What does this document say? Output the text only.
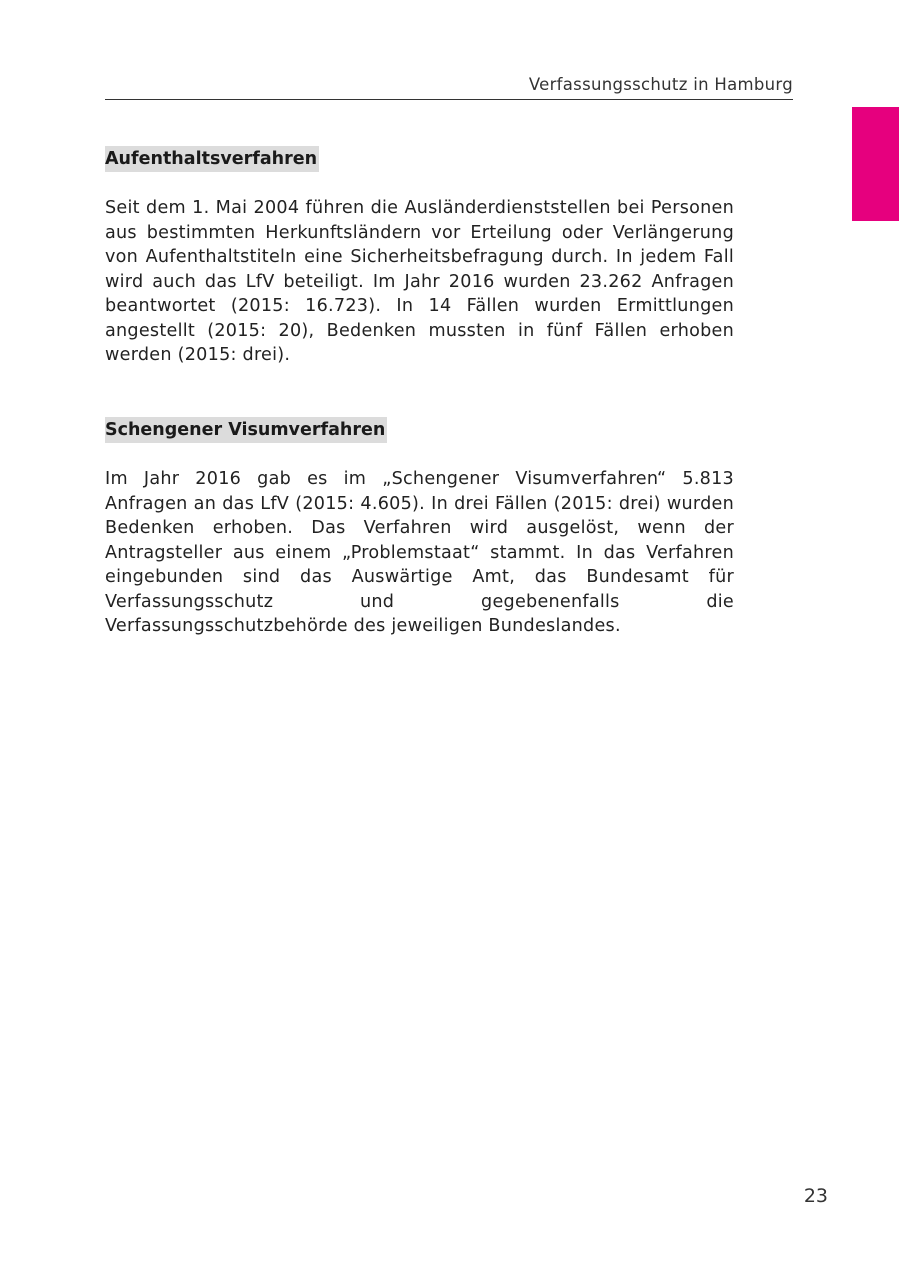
Verfassungsschutz in Hamburg
Aufenthaltsverfahren

Seit dem 1. Mai 2004 führen die Ausländerdienststellen bei Personen aus bestimmten Herkunftsländern vor Erteilung oder Verlängerung von Aufenthaltstiteln eine Sicherheitsbefragung durch. In jedem Fall wird auch das LfV beteiligt. Im Jahr 2016 wurden 23.262 Anfragen beantwortet (2015: 16.723). In 14 Fällen wurden Ermittlungen angestellt (2015: 20), Bedenken mussten in fünf Fällen erhoben werden (2015: drei).

Schengener Visumverfahren

Im Jahr 2016 gab es im „Schengener Visumverfahren“ 5.813 Anfragen an das LfV (2015: 4.605). In drei Fällen (2015: drei) wurden Bedenken erhoben. Das Verfahren wird ausgelöst, wenn der Antragsteller aus einem „Problemstaat“ stammt. In das Verfahren eingebunden sind das Auswärtige Amt, das Bundesamt für Verfassungsschutz und gegebenenfalls die Verfassungsschutzbehörde des jeweiligen Bundeslandes.

23
